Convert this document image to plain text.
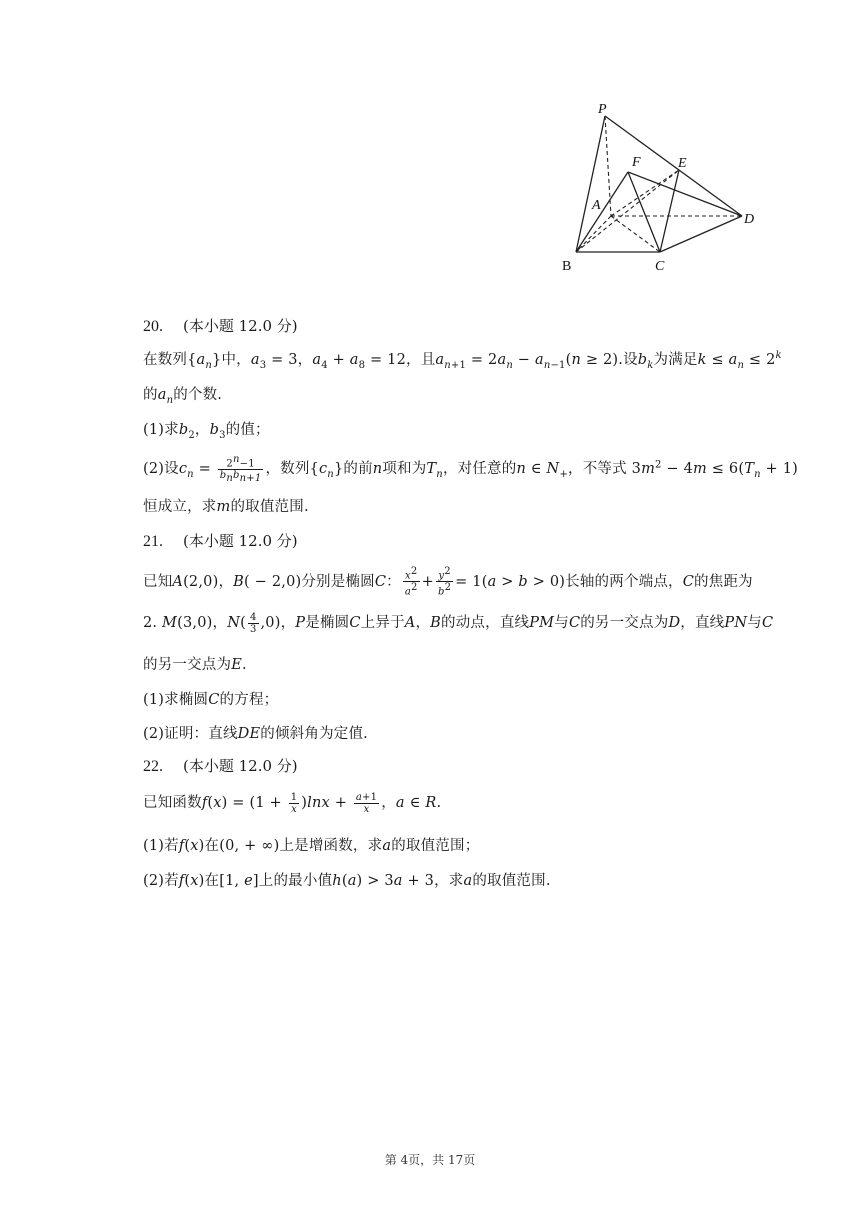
P
F	E
A
D
B	C
20. (本小题 12.0 分)
在数列$\{a_n\}$中，$a_3 = 3$，$a_4 + a_8 = 12$，且$a_{n+1} = 2a_n - a_{n-1}(n \ge 2)$.设$b_k$为满足$k \le a_n \le 2^k$
的$a_n$的个数.
(1)求$b_2$，$b_3$的值；
(2)设$c_n = \frac{2^n-1}{b_nb_{n+1}}$ ，数列$\{c_n\}$的前n项和为$T_n$，对任意的n ∈ $N_+$，不等式 $3m^2 - 4m \le 6(T_n + 1)$
恒成立，求m的取值范围.
21. (本小题 12.0 分)
已知A(2,0)，B( − 2,0)分别是椭圆C： $\frac{x^2}{a^2} + \frac{y^2}{b^2} = 1(a > b > 0)$长轴的两个端点，C的焦距为
2. M(3,0)，$N( \frac{4}{3} ,0)$，P是椭圆C上异于A，B的动点，直线PM与C的另一交点为D，直线PN与C
的另一交点为E.
(1)求椭圆C的方程；
(2)证明：直线DE的倾斜角为定值.
22. (本小题 12.0 分)
已知函数$f(x) = (1 + \frac{1}{x} )\ln x + \frac{a+1}{x}$ ，a ∈ R.
(1)若f(x)在(0, + ∞)上是增函数，求a的取值范围；
(2)若f(x)在[1, e]上的最小值h(a) > 3a + 3，求a的取值范围.
第 4页，共 17页
